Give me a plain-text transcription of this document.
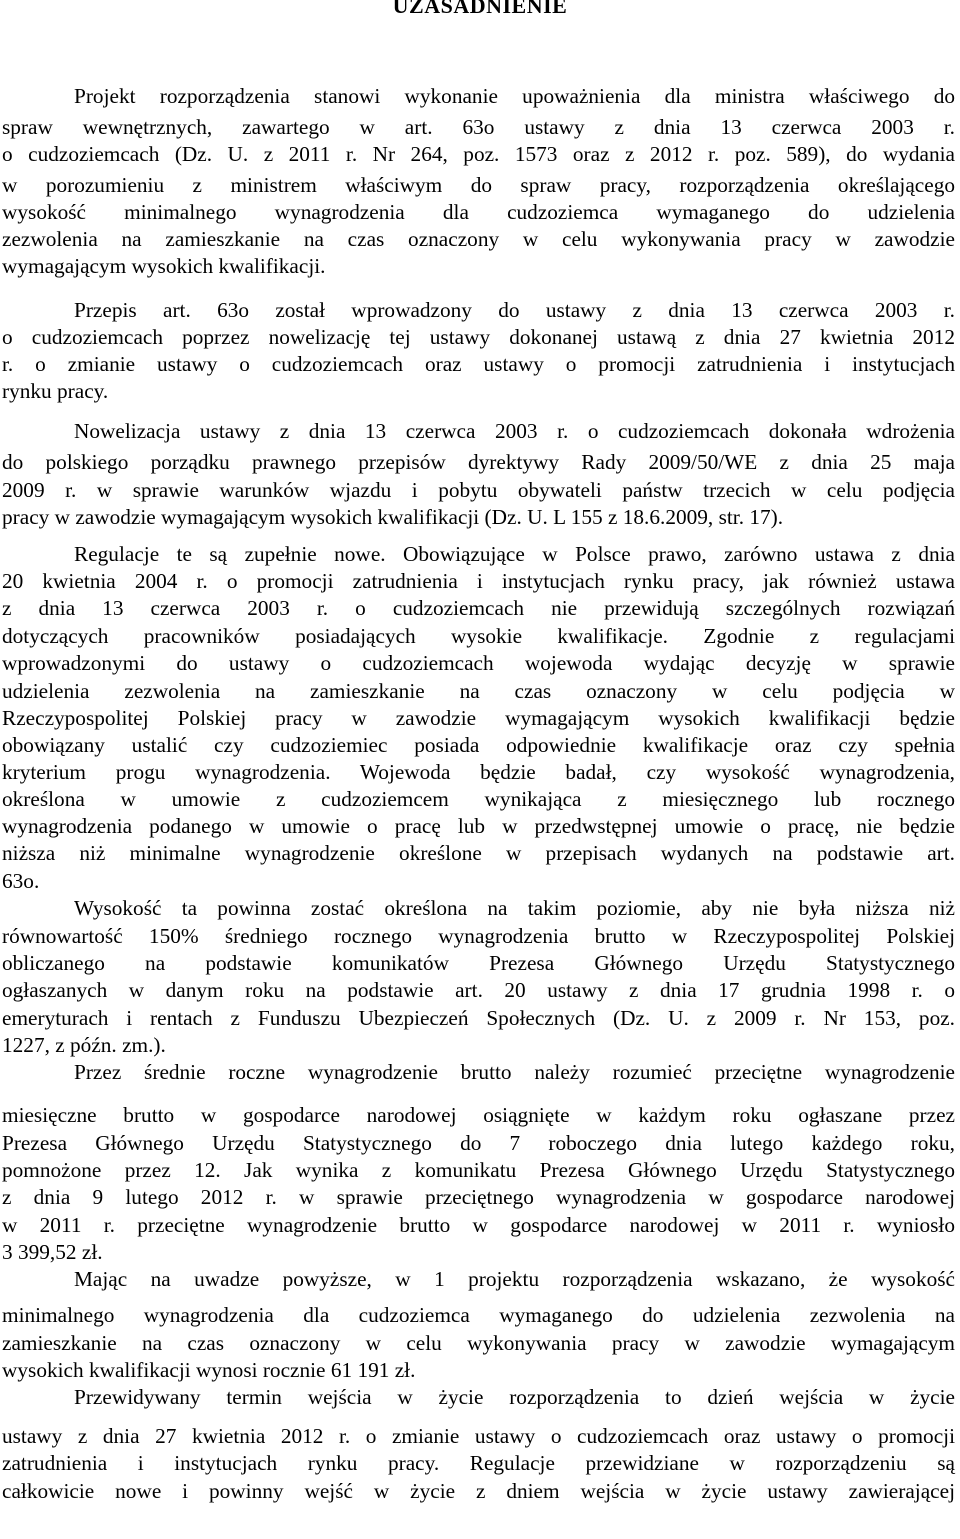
UZASADNIENIE
Projekt rozporządzenia stanowi wykonanie upoważnienia dla ministra właściwego do
spraw wewnętrznych, zawartego w art. 63o ustawy z dnia 13 czerwca 2003 r.
o cudzoziemcach (Dz. U. z 2011 r. Nr 264, poz. 1573 oraz z 2012 r. poz. 589), do wydania
w porozumieniu z ministrem właściwym do spraw pracy, rozporządzenia określającego
wysokość minimalnego wynagrodzenia dla cudzoziemca wymaganego do udzielenia
zezwolenia na zamieszkanie na czas oznaczony w celu wykonywania pracy w zawodzie
wymagającym wysokich kwalifikacji.
Przepis art. 63o został wprowadzony do ustawy z dnia 13 czerwca 2003 r.
o cudzoziemcach poprzez nowelizację tej ustawy dokonanej ustawą z dnia 27 kwietnia 2012
r. o zmianie ustawy o cudzoziemcach oraz ustawy o promocji zatrudnienia i instytucjach
rynku pracy.
Nowelizacja ustawy z dnia 13 czerwca 2003 r. o cudzoziemcach dokonała wdrożenia
do polskiego porządku prawnego przepisów dyrektywy Rady 2009/50/WE z dnia 25 maja
2009 r. w sprawie warunków wjazdu i pobytu obywateli państw trzecich w celu podjęcia
pracy w zawodzie wymagającym wysokich kwalifikacji (Dz. U. L 155 z 18.6.2009, str. 17).
Regulacje te są zupełnie nowe. Obowiązujące w Polsce prawo, zarówno ustawa z dnia
20 kwietnia 2004 r. o promocji zatrudnienia i instytucjach rynku pracy, jak również ustawa
z dnia 13 czerwca 2003 r. o cudzoziemcach nie przewidują szczególnych rozwiązań
dotyczących pracowników posiadających wysokie kwalifikacje. Zgodnie z regulacjami
wprowadzonymi do ustawy o cudzoziemcach wojewoda wydając decyzję w sprawie
udzielenia zezwolenia na zamieszkanie na czas oznaczony w celu podjęcia w
Rzeczypospolitej Polskiej pracy w zawodzie wymagającym wysokich kwalifikacji będzie
obowiązany ustalić czy cudzoziemiec posiada odpowiednie kwalifikacje oraz czy spełnia
kryterium progu wynagrodzenia. Wojewoda będzie badał, czy wysokość wynagrodzenia,
określona w umowie z cudzoziemcem wynikająca z miesięcznego lub rocznego
wynagrodzenia podanego w umowie o pracę lub w przedwstępnej umowie o pracę, nie będzie
niższa niż minimalne wynagrodzenie określone w przepisach wydanych na podstawie art.
63o.
Wysokość ta powinna zostać określona na takim poziomie, aby nie była niższa niż
równowartość 150% średniego rocznego wynagrodzenia brutto w Rzeczypospolitej Polskiej
obliczanego na podstawie komunikatów Prezesa Głównego Urzędu Statystycznego
ogłaszanych w danym roku na podstawie art. 20 ustawy z dnia 17 grudnia 1998 r. o
emeryturach i rentach z Funduszu Ubezpieczeń Społecznych (Dz. U. z 2009 r. Nr 153, poz.
1227, z późn. zm.).
Przez średnie roczne wynagrodzenie brutto należy rozumieć przeciętne wynagrodzenie
miesięczne brutto w gospodarce narodowej osiągnięte w każdym roku ogłaszane przez
Prezesa Głównego Urzędu Statystycznego do 7 roboczego dnia lutego każdego roku,
pomnożone przez 12. Jak wynika z komunikatu Prezesa Głównego Urzędu Statystycznego
z dnia 9 lutego 2012 r. w sprawie przeciętnego wynagrodzenia w gospodarce narodowej
w 2011 r. przeciętne wynagrodzenie brutto w gospodarce narodowej w 2011 r. wyniosło
3 399,52 zł.
Mając na uwadze powyższe, w 1 projektu rozporządzenia wskazano, że wysokość
minimalnego wynagrodzenia dla cudzoziemca wymaganego do udzielenia zezwolenia na
zamieszkanie na czas oznaczony w celu wykonywania pracy w zawodzie wymagającym
wysokich kwalifikacji wynosi rocznie 61 191 zł.
Przewidywany termin wejścia w życie rozporządzenia to dzień wejścia w życie
ustawy z dnia 27 kwietnia 2012 r. o zmianie ustawy o cudzoziemcach oraz ustawy o promocji
zatrudnienia i instytucjach rynku pracy. Regulacje przewidziane w rozporządzeniu są
całkowicie nowe i powinny wejść w życie z dniem wejścia w życie ustawy zawierającej
